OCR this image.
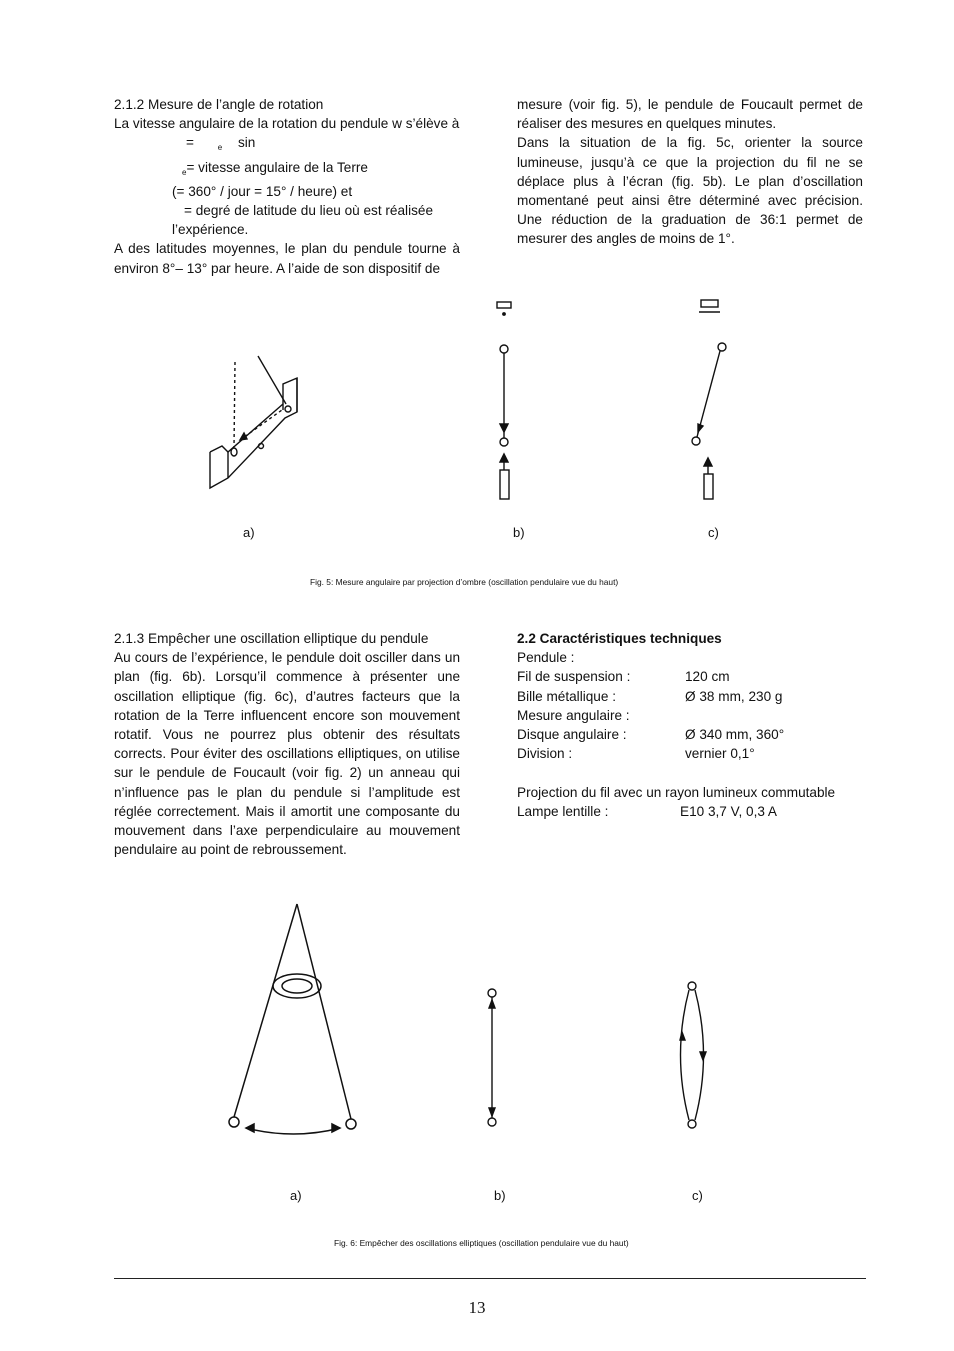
2.1.2 Mesure de l’angle de rotation
La vitesse angulaire de la rotation du pendule w s’élève à
=	$_e$ sin
$_e$= vitesse angulaire de la Terre
(= 360° / jour = 15° / heure) et
= degré de latitude du lieu où est réalisée
l’expérience.

A des latitudes moyennes, le plan du pendule tourne à environ 8°– 13° par heure. A l’aide de son dispositif de

mesure (voir fig. 5), le pendule de Foucault permet de réaliser des mesures en quelques minutes.

Dans la situation de la fig. 5c, orienter la source lumineuse, jusqu’à ce que la projection du fil ne se déplace plus à l’écran (fig. 5b). Le plan d’oscillation momentané peut ainsi être déterminé avec précision. Une réduction de la graduation de 36:1 permet de mesurer des angles de moins de 1°.

a)	b)	c)
Fig. 5: Mesure angulaire par projection d’ombre (oscillation pendulaire vue du haut)
2.1.3 Empêcher une oscillation elliptique du pendule

Au cours de l’expérience, le pendule doit osciller dans un plan (fig. 6b). Lorsqu’il commence à présenter une oscillation elliptique (fig. 6c), d’autres facteurs que la rotation de la Terre influencent encore son mouvement rotatif. Vous ne pourrez plus obtenir des résultats corrects. Pour éviter des oscillations elliptiques, on utilise sur le pendule de Foucault (voir fig. 2) un anneau qui n’influence pas le plan du pendule si l’amplitude est réglée correctement. Mais il amortit une composante du mouvement dans l’axe perpendiculaire au mouvement pendulaire au point de rebroussement.

2.2 Caractéristiques techniques
Pendule :
Fil de suspension :	120 cm
Bille métallique :	Ø 38 mm, 230 g
Mesure angulaire :
Disque angulaire :	Ø 340 mm, 360°
Division :	vernier 0,1°

Projection du fil avec un rayon lumineux commutable
Lampe lentille :	E10 3,7 V, 0,3 A
a)	b)	c)
Fig. 6: Empêcher des oscillations elliptiques (oscillation pendulaire vue du haut)
13
